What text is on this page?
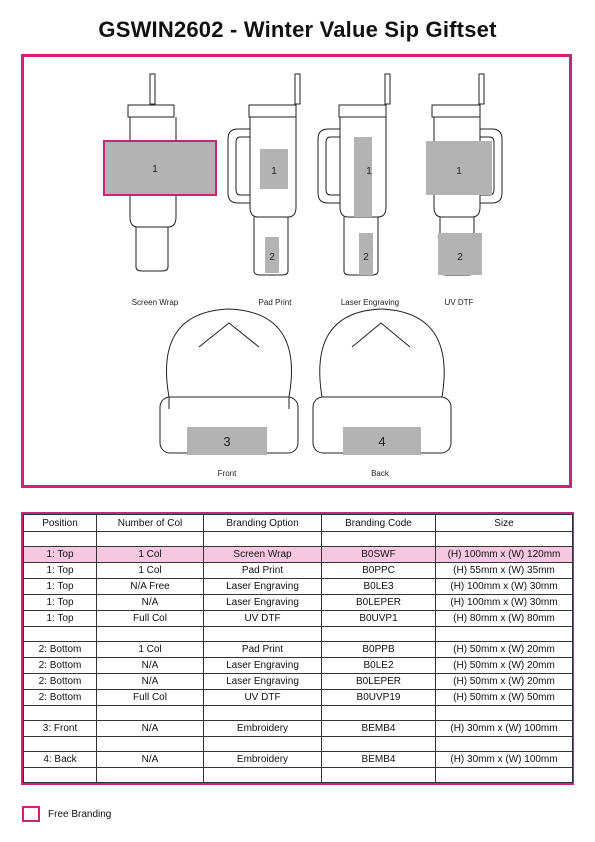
GSWIN2602 - Winter Value Sip Giftset
1	1
2
1
2
1
2
3	4
Screen Wrap	Pad Print	Laser Engraving	UV DTF
Front	Back
Position	Number of Col	Branding Option	Branding Code	Size

1: Top	1 Col	Screen Wrap	B0SWF	(H) 100mm x (W) 120mm
1: Top	1 Col	Pad Print	B0PPC	(H) 55mm x (W) 35mm
1: Top	N/A Free	Laser Engraving	B0LE3	(H) 100mm x (W) 30mm
1: Top	N/A	Laser Engraving	B0LEPER	(H) 100mm x (W) 30mm
1: Top	Full Col	UV DTF	B0UVP1	(H) 80mm x (W) 80mm

2: Bottom	1 Col	Pad Print	B0PPB	(H) 50mm x (W) 20mm
2: Bottom	N/A	Laser Engraving	B0LE2	(H) 50mm x (W) 20mm
2: Bottom	N/A	Laser Engraving	B0LEPER	(H) 50mm x (W) 20mm
2: Bottom	Full Col	UV DTF	B0UVP19	(H) 50mm x (W) 50mm

3: Front	N/A	Embroidery	BEMB4	(H) 30mm x (W) 100mm

4: Back	N/A	Embroidery	BEMB4	(H) 30mm x (W) 100mm

Free Branding
